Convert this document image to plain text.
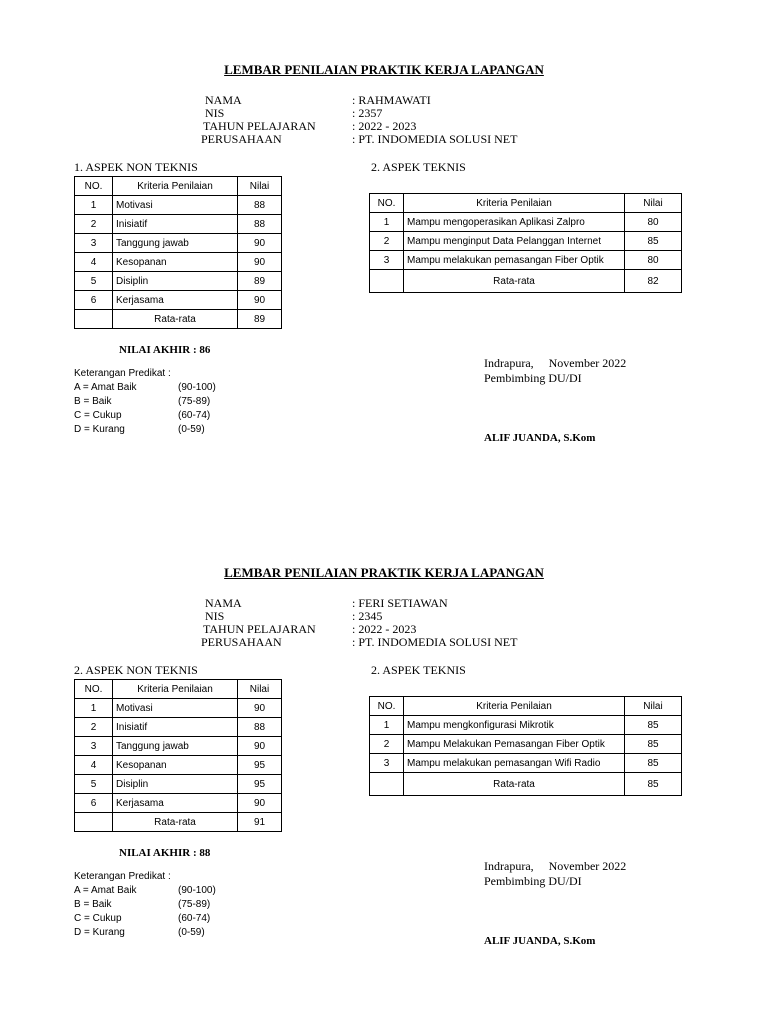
LEMBAR PENILAIAN PRAKTIK KERJA LAPANGAN
NAMA	: RAHMAWATI
NIS	: 2357
TAHUN PELAJARAN	: 2022 - 2023
PERUSAHAAN	: PT. INDOMEDIA SOLUSI NET
1. ASPEK NON TEKNIS	2. ASPEK TEKNIS
NO.	Kriteria Penilaian	Nilai
1	Motivasi	88
2	Inisiatif	88
3	Tanggung jawab	90
4	Kesopanan	90
5	Disiplin	89
6	Kerjasama	90
	Rata-rata	89
NO.	Kriteria Penilaian	Nilai
1	Mampu mengoperasikan Aplikasi Zalpro	80
2	Mampu menginput Data Pelanggan Internet	85
3	Mampu melakukan pemasangan Fiber Optik	80
	Rata-rata	82
NILAI AKHIR : 86
Keterangan Predikat :
A = Amat Baik	(90-100)
B = Baik	(75-89)
C = Cukup	(60-74)
D = Kurang	(0-59)
Indrapura,     November 2022
Pembimbing DU/DI
ALIF JUANDA, S.Kom
LEMBAR PENILAIAN PRAKTIK KERJA LAPANGAN
NAMA	: FERI SETIAWAN
NIS	: 2345
TAHUN PELAJARAN	: 2022 - 2023
PERUSAHAAN	: PT. INDOMEDIA SOLUSI NET
2. ASPEK NON TEKNIS	2. ASPEK TEKNIS
NO.	Kriteria Penilaian	Nilai
1	Motivasi	90
2	Inisiatif	88
3	Tanggung jawab	90
4	Kesopanan	95
5	Disiplin	95
6	Kerjasama	90
	Rata-rata	91
NO.	Kriteria Penilaian	Nilai
1	Mampu mengkonfigurasi Mikrotik	85
2	Mampu Melakukan Pemasangan Fiber Optik	85
3	Mampu melakukan pemasangan Wifi Radio	85
	Rata-rata	85
NILAI AKHIR : 88
Keterangan Predikat :
A = Amat Baik	(90-100)
B = Baik	(75-89)
C = Cukup	(60-74)
D = Kurang	(0-59)
Indrapura,     November 2022
Pembimbing DU/DI
ALIF JUANDA, S.Kom
